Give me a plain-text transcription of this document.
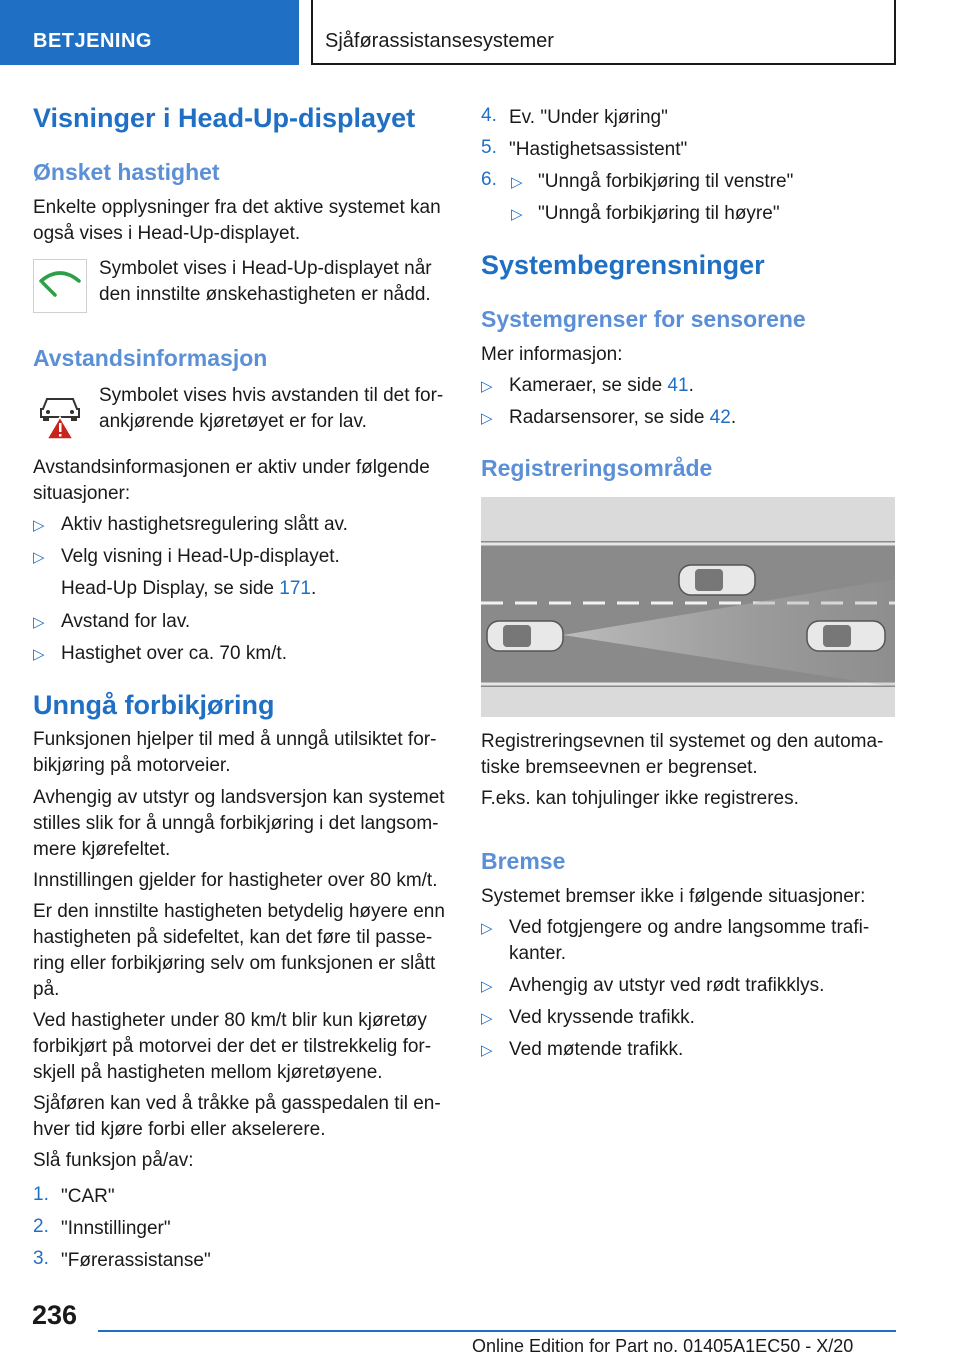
BETJENING	Sjåførassistansesystemer
Visninger i Head-Up-displayet
Ønsket hastighet
Enkelte opplysninger fra det aktive systemet kan
også vises i Head-Up-displayet.
Symbolet vises i Head-Up-displayet når
den innstilte ønskehastigheten er nådd.
Avstandsinformasjon
Symbolet vises hvis avstanden til det for‐
ankjørende kjøretøyet er for lav.
Avstandsinformasjonen er aktiv under følgende
situasjoner:
▷ Aktiv hastighetsregulering slått av.
▷ Velg visning i Head-Up-displayet.
Head-Up Display, se side 171.
▷ Avstand for lav.
▷ Hastighet over ca. 70 km/t.
Unngå forbikjøring
Funksjonen hjelper til med å unngå utilsiktet for‐
bikjøring på motorveier.
Avhengig av utstyr og landsversjon kan systemet
stilles slik for å unngå forbikjøring i det langsom‐
mere kjørefeltet.
Innstillingen gjelder for hastigheter over 80 km/t.
Er den innstilte hastigheten betydelig høyere enn
hastigheten på sidefeltet, kan det føre til passe‐
ring eller forbikjøring selv om funksjonen er slått
på.
Ved hastigheter under 80 km/t blir kun kjøretøy
forbikjørt på motorvei der det er tilstrekkelig for‐
skjell på hastigheten mellom kjøretøyene.
Sjåføren kan ved å tråkke på gasspedalen til en‐
hver tid kjøre forbi eller akselerere.
Slå funksjon på/av:
1. "CAR"
2. "Innstillinger"
3. "Førerassistanse"
4. Ev. "Under kjøring"
5. "Hastighetsassistent"
6. ▷ "Unngå forbikjøring til venstre"
▷ "Unngå forbikjøring til høyre"
Systembegrensninger
Systemgrenser for sensorene
Mer informasjon:
▷ Kameraer, se side 41.
▷ Radarsensorer, se side 42.
Registreringsområde
Registreringsevnen til systemet og den automa‐
tiske bremseevnen er begrenset.
F.eks. kan tohjulinger ikke registreres.
Bremse
Systemet bremser ikke i følgende situasjoner:
▷ Ved fotgjengere og andre langsomme trafi‐
kanter.
▷ Avhengig av utstyr ved rødt trafikklys.
▷ Ved kryssende trafikk.
▷ Ved møtende trafikk.
236
Online Edition for Part no. 01405A1EC50 - X/20
